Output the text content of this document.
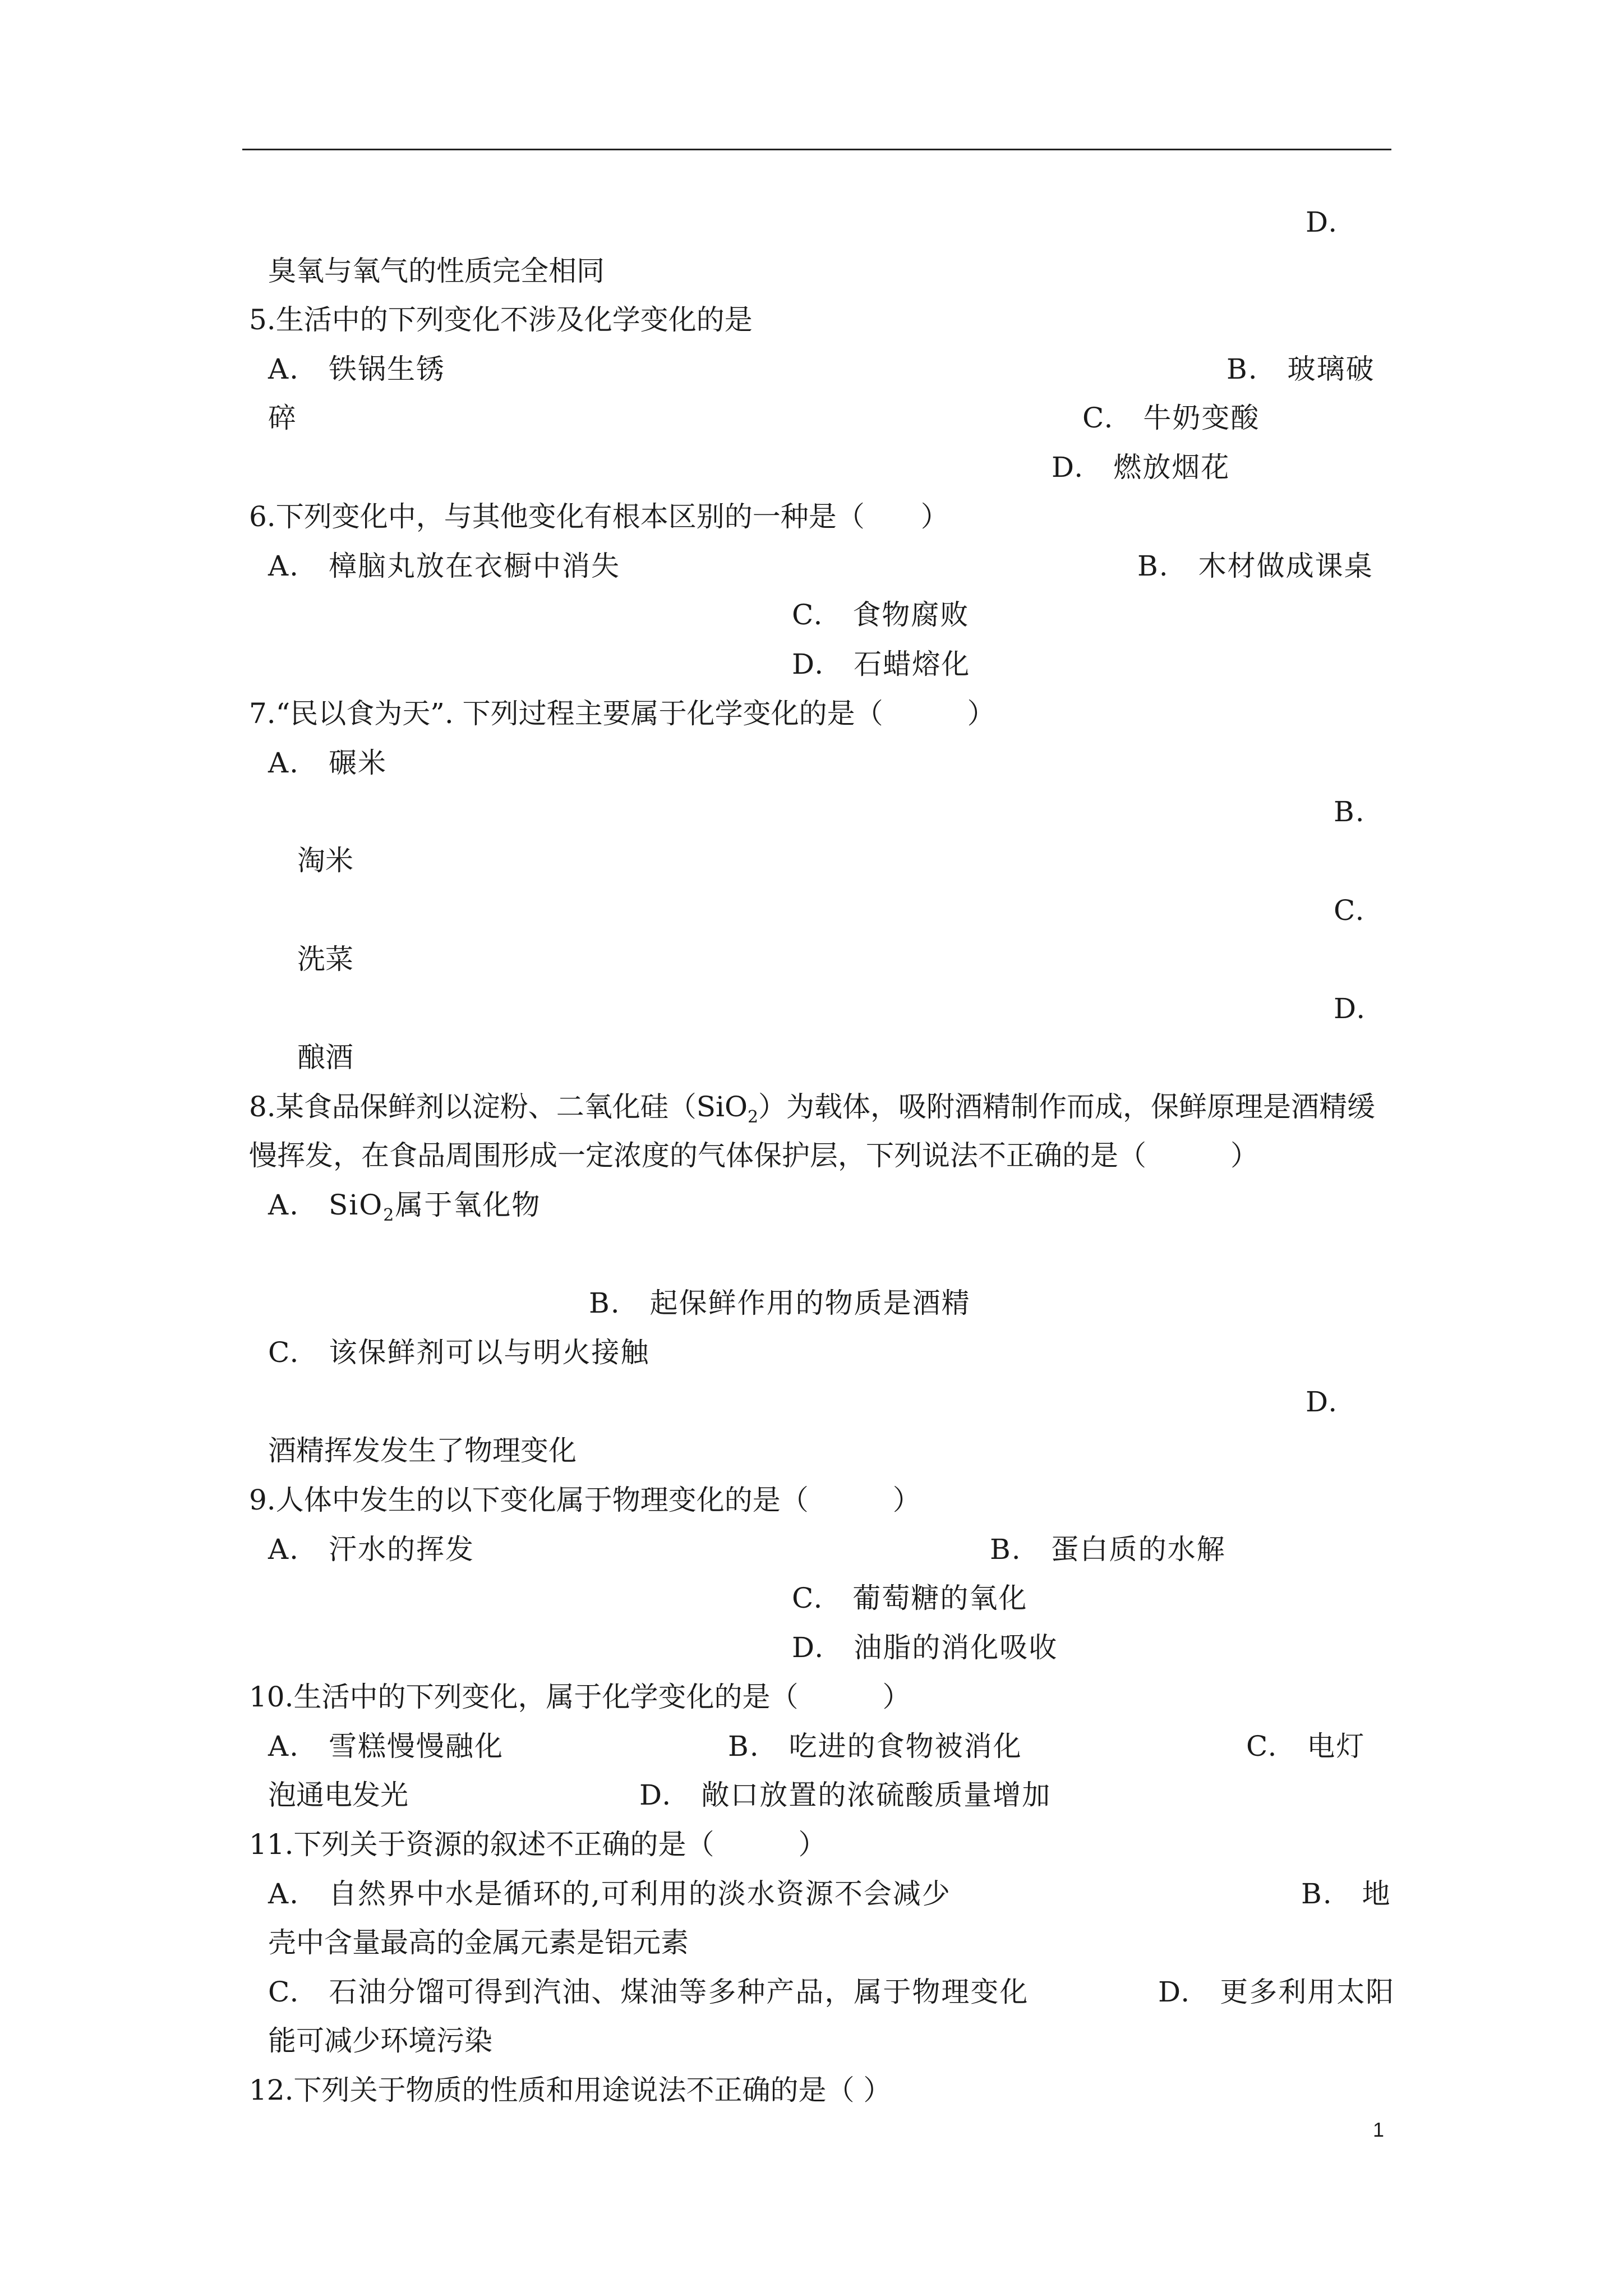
D.
臭氧与氧气的性质完全相同
5.生活中的下列变化不涉及化学变化的是
A.　铁锅生锈	B.　玻璃破
碎	C.　牛奶变酸
D.　燃放烟花
6.下列变化中，与其他变化有根本区别的一种是（　　）
A.　樟脑丸放在衣橱中消失	B.　木材做成课桌
C.　食物腐败
D.　石蜡熔化
7.“民以食为天”. 下列过程主要属于化学变化的是（　　　）
A.　碾米
B.
淘米
C.
洗菜
D.
酿酒
8.某食品保鲜剂以淀粉、二氧化硅（SiO$_2$）为载体，吸附酒精制作而成，保鲜原理是酒精缓
慢挥发，在食品周围形成一定浓度的气体保护层，下列说法不正确的是（　　　）
A.　SiO$_2$属于氧化物
B.　起保鲜作用的物质是酒精
C.　该保鲜剂可以与明火接触
D.
酒精挥发发生了物理变化
9.人体中发生的以下变化属于物理变化的是（　　　）
A.　汗水的挥发	B.　蛋白质的水解
C.　葡萄糖的氧化
D.　油脂的消化吸收
10.生活中的下列变化，属于化学变化的是（　　　）
A.　雪糕慢慢融化	B.　吃进的食物被消化	C.　电灯
泡通电发光	D.　敞口放置的浓硫酸质量增加
11.下列关于资源的叙述不正确的是（　　　）
A.　自然界中水是循环的,可利用的淡水资源不会减少	B.　地
壳中含量最高的金属元素是铝元素
C.　石油分馏可得到汽油、煤油等多种产品，属于物理变化	D.　更多利用太阳
能可减少环境污染
12.下列关于物质的性质和用途说法不正确的是（ ）
1
